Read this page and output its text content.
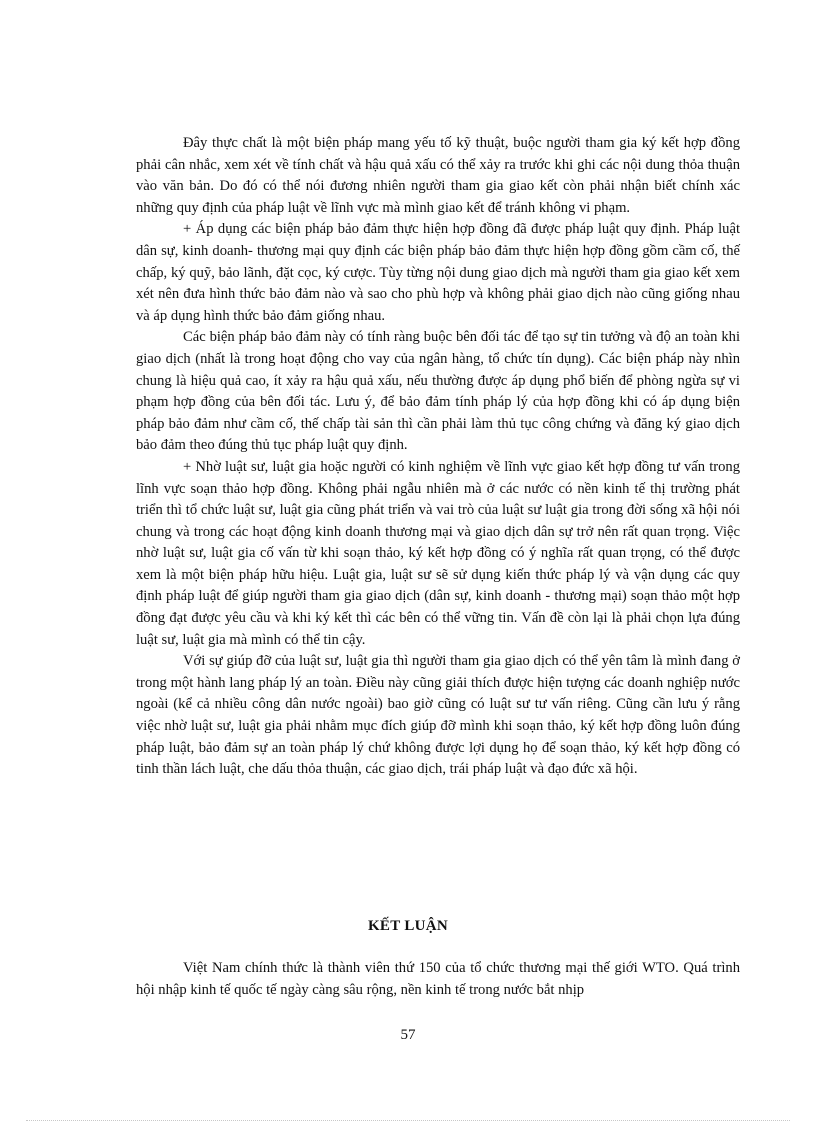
Đây thực chất là một biện pháp mang yếu tố kỹ thuật, buộc người tham gia ký kết hợp đồng phải cân nhắc, xem xét về tính chất và hậu quả xấu có thể xảy ra trước khi ghi các nội dung thỏa thuận vào văn bản. Do đó có thể nói đương nhiên người tham gia giao kết còn phải nhận biết chính xác những quy định của pháp luật về lĩnh vực mà mình giao kết để tránh không vi phạm.

+ Áp dụng các biện pháp bảo đảm thực hiện hợp đồng đã được pháp luật quy định. Pháp luật dân sự, kinh doanh- thương mại quy định các biện pháp bảo đảm thực hiện hợp đồng gồm cầm cố, thế chấp, ký quỹ, bảo lãnh, đặt cọc, ký cược. Tùy từng nội dung giao dịch mà người tham gia giao kết xem xét nên đưa hình thức bảo đảm nào và sao cho phù hợp và không phải giao dịch nào cũng giống nhau và áp dụng hình thức bảo đảm giống nhau.

Các biện pháp bảo đảm này có tính ràng buộc bên đối tác để tạo sự tin tưởng và độ an toàn khi giao dịch (nhất là trong hoạt động cho vay của ngân hàng, tổ chức tín dụng). Các biện pháp này nhìn chung là hiệu quả cao, ít xảy ra hậu quả xấu, nếu thường được áp dụng phổ biến để phòng ngừa sự vi phạm hợp đồng của bên đối tác. Lưu ý, để bảo đảm tính pháp lý của hợp đồng khi có áp dụng biện pháp bảo đảm như cầm cố, thế chấp tài sản thì cần phải làm thủ tục công chứng và đăng ký giao dịch bảo đảm theo đúng thủ tục pháp luật quy định.

+ Nhờ luật sư, luật gia hoặc người có kinh nghiệm về lĩnh vực giao kết hợp đồng tư vấn trong lĩnh vực soạn thảo hợp đồng. Không phải ngẫu nhiên mà ở các nước có nền kinh tế thị trường phát triển thì tổ chức luật sư, luật gia cũng phát triển và vai trò của luật sư luật gia trong đời sống xã hội nói chung và trong các hoạt động kinh doanh thương mại và giao dịch dân sự trở nên rất quan trọng. Việc nhờ luật sư, luật gia cố vấn từ khi soạn thảo, ký kết hợp đồng có ý nghĩa rất quan trọng, có thể được xem là một biện pháp hữu hiệu. Luật gia, luật sư sẽ sử dụng kiến thức pháp lý và vận dụng các quy định pháp luật để giúp người tham gia giao dịch (dân sự, kinh doanh - thương mại) soạn thảo một hợp đồng đạt được yêu cầu và khi ký kết thì các bên có thể vững tin. Vấn đề còn lại là phải chọn lựa đúng luật sư, luật gia mà mình có thể tin cậy.

Với sự giúp đỡ của luật sư, luật gia thì người tham gia giao dịch có thể yên tâm là mình đang ở trong một hành lang pháp lý an toàn. Điều này cũng giải thích được hiện tượng các doanh nghiệp nước ngoài (kể cả nhiều công dân nước ngoài) bao giờ cũng có luật sư tư vấn riêng. Cũng cần lưu ý rằng việc nhờ luật sư, luật gia phải nhằm mục đích giúp đỡ mình khi soạn thảo, ký kết hợp đồng luôn đúng pháp luật, bảo đảm sự an toàn pháp lý chứ không được lợi dụng họ để soạn thảo, ký kết hợp đồng có tinh thần lách luật, che dấu thỏa thuận, các giao dịch, trái pháp luật và đạo đức xã hội.

KẾT LUẬN

Việt Nam chính thức là thành viên thứ 150 của tổ chức thương mại thế giới WTO. Quá trình hội nhập kinh tế quốc tế ngày càng sâu rộng, nền kinh tế trong nước bắt nhịp

57
